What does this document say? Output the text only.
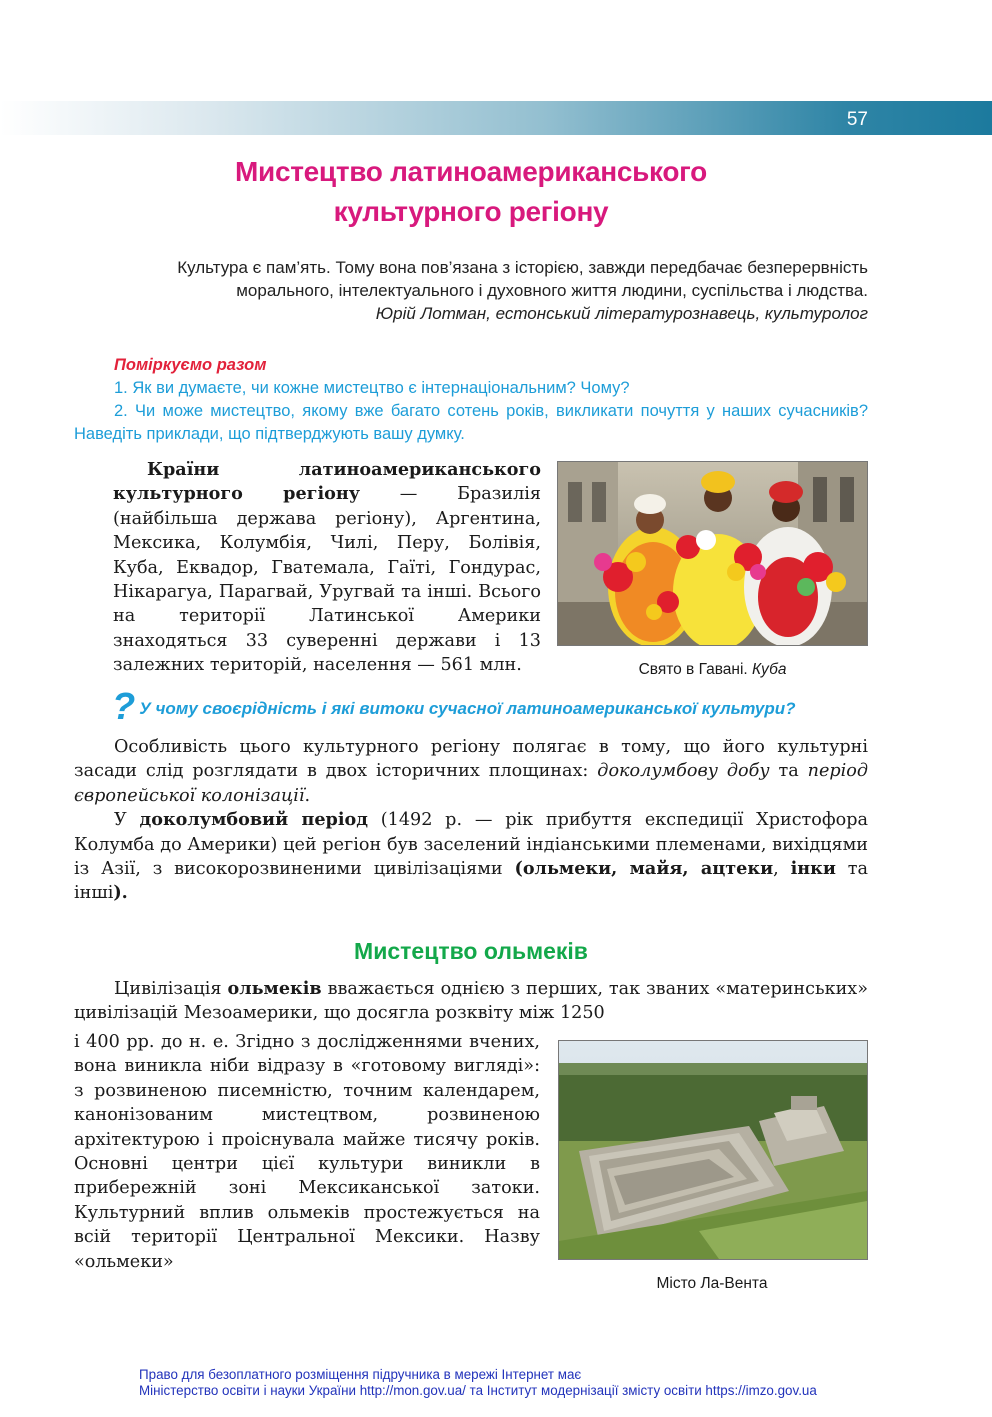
57
Мистецтво латиноамериканського
культурного регіону
Культура є пам’ять. Тому вона пов’язана з історією, завжди передбачає безперервність
морального, інтелектуального і духовного життя людини, суспільства і людства.
Юрій Лотман, естонський літературознавець, культуролог
Поміркуємо разом
1. Як ви думаєте, чи кожне мистецтво є інтернаціональним? Чому?
2. Чи може мистецтво, якому вже багато сотень років, викликати почуття у наших сучасників? Наведіть приклади, що підтверджують вашу думку.

Країни латиноамериканського культурного регіону — Бразилія (найбільша держава регіону), Аргентина, Мексика, Колумбія, Чилі, Перу, Болівія, Куба, Еквадор, Гватемала, Гаїті, Гондурас, Нікарагуа, Парагвай, Уругвай та інші. Всього на території Латинської Америки знаходяться 33 суверенні держави і 13 залежних територій, населення — 561 млн.	Свято в Гавані. Куба
? У чому своєрідність і які витоки сучасної латиноамериканської культури?

Особливість цього культурного регіону полягає в тому, що його культурні засади слід розглядати в двох історичних площинах: доколумбову добу та період європейської колонізації.

У доколумбовий період (1492 р. — рік прибуття експедиції Христофора Колумба до Америки) цей регіон був заселений індіанськими племенами, вихідцями із Азії, з високорозвиненими цивілізаціями (ольмеки, майя, ацтеки, інки та інші).

Мистецтво ольмеків

Цивілізація ольмеків вважається однією з перших, так званих «материнських» цивілізацій Мезоамерики, що досягла розквіту між 1250

і 400 рр. до н. е. Згідно з дослідженнями вчених, вона виникла ніби відразу в «готовому вигляді»: з розвиненою писемністю, точним календарем, канонізованим мистецтвом, розвиненою архітектурою і проіснувала майже тисячу років. Основні центри цієї культури виникли в прибережній зоні Мексиканської затоки. Культурний вплив ольмеків простежується на всій території Центральної Мексики. Назву «ольмеки»

Місто Ла-Вента
Право для безоплатного розміщення підручника в мережі Інтернет має
Міністерство освіти і науки України http://mon.gov.ua/ та Інститут модернізації змісту освіти https://imzo.gov.ua
